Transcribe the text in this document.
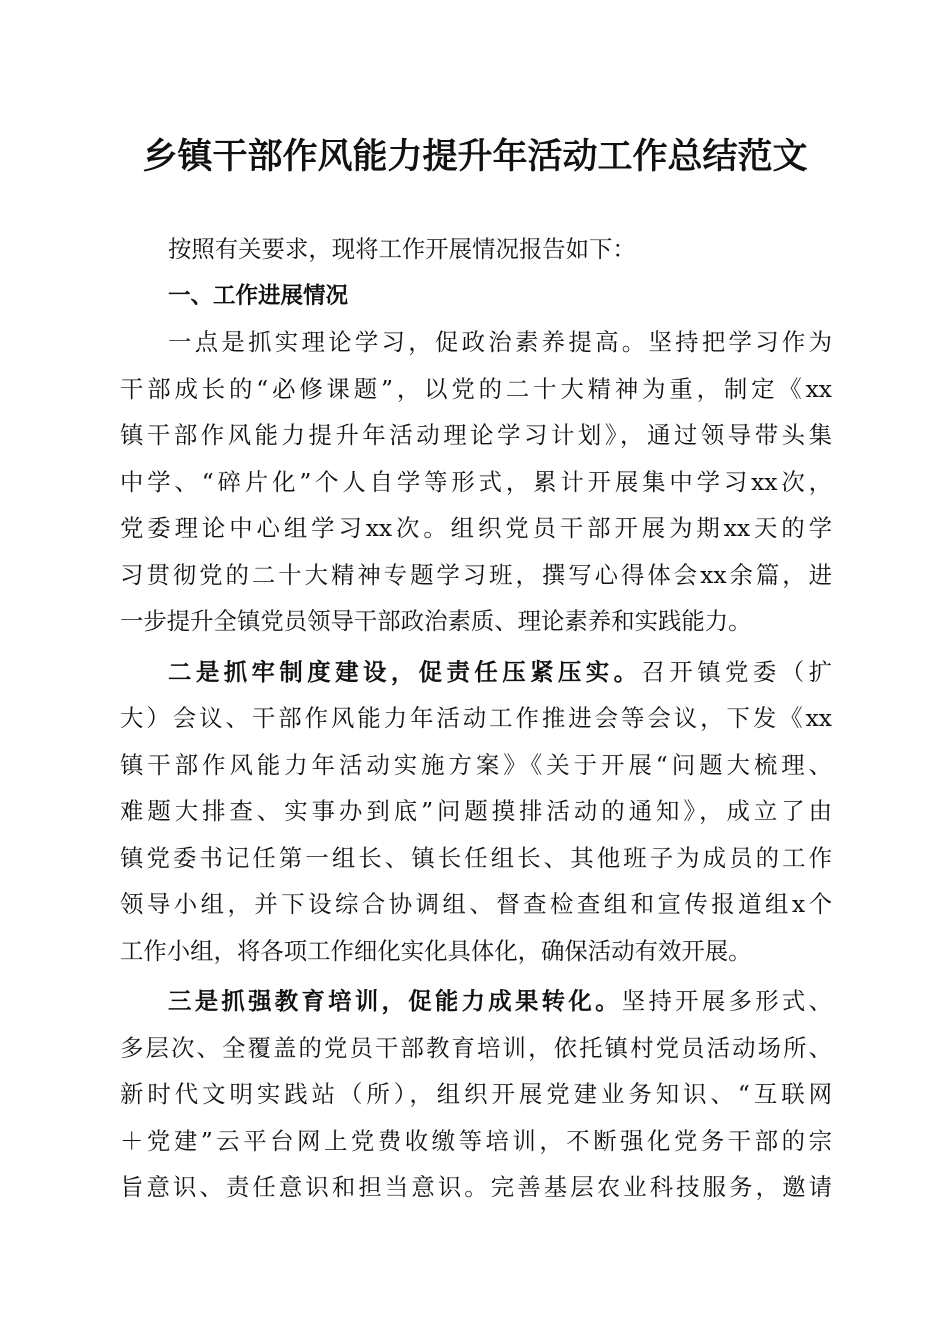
乡镇干部作风能力提升年活动工作总结范文
按照有关要求，现将工作开展情况报告如下：
一、工作进展情况
一点是抓实理论学习，促政治素养提高。坚持把学习作为
干部成长的“必修课题”，以党的二十大精神为重，制定《xx
镇干部作风能力提升年活动理论学习计划》，通过领导带头集
中学、“碎片化”个人自学等形式，累计开展集中学习xx次，
党委理论中心组学习xx次。组织党员干部开展为期xx天的学
习贯彻党的二十大精神专题学习班，撰写心得体会xx余篇，进
一步提升全镇党员领导干部政治素质、理论素养和实践能力。
二是抓牢制度建设，促责任压紧压实。召开镇党委（扩
大）会议、干部作风能力年活动工作推进会等会议，下发《xx
镇干部作风能力年活动实施方案》《关于开展“问题大梳理、
难题大排查、实事办到底”问题摸排活动的通知》，成立了由
镇党委书记任第一组长、镇长任组长、其他班子为成员的工作
领导小组，并下设综合协调组、督查检查组和宣传报道组x个
工作小组，将各项工作细化实化具体化，确保活动有效开展。
三是抓强教育培训，促能力成果转化。坚持开展多形式、
多层次、全覆盖的党员干部教育培训，依托镇村党员活动场所、
新时代文明实践站（所），组织开展党建业务知识、“互联网
＋党建”云平台网上党费收缴等培训，不断强化党务干部的宗
旨意识、责任意识和担当意识。完善基层农业科技服务，邀请
